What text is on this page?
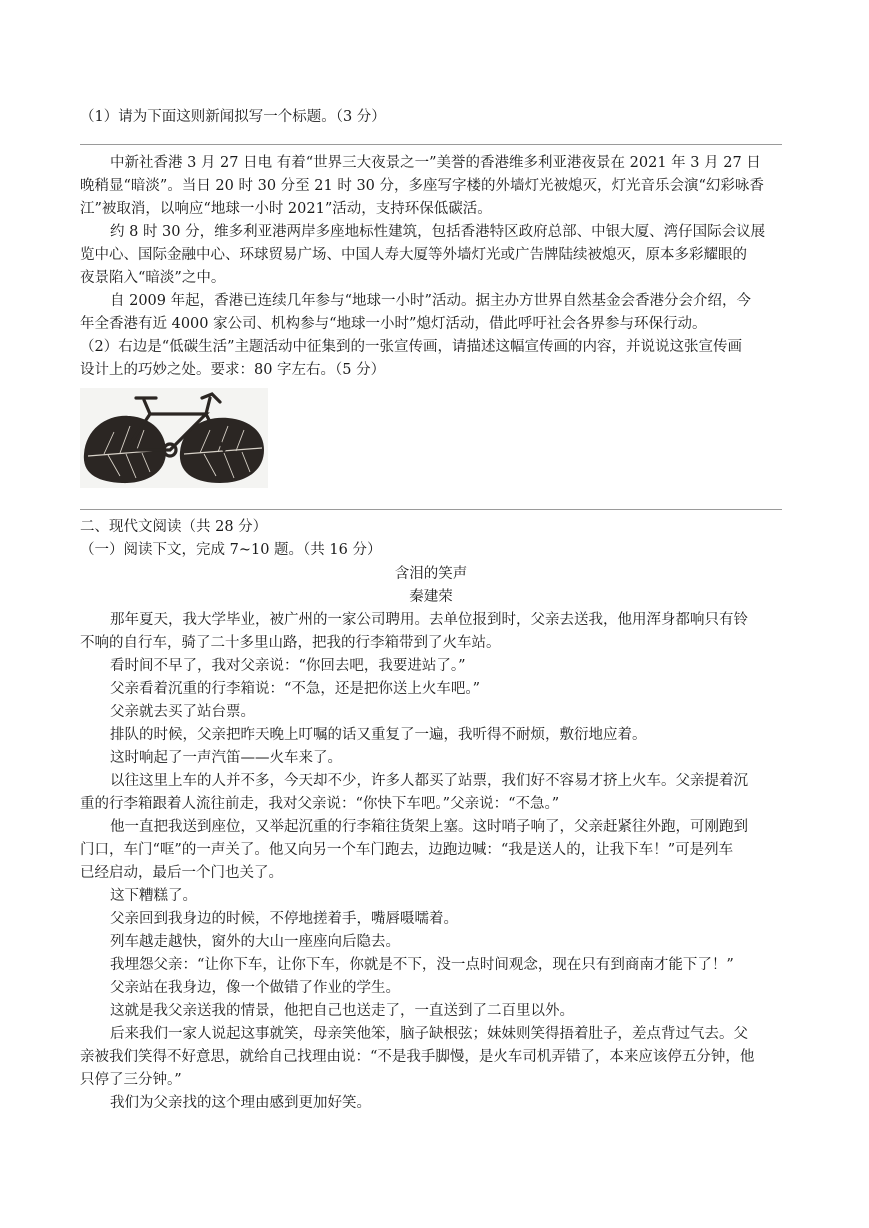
（1）请为下面这则新闻拟写一个标题。（3 分）
中新社香港 3 月 27 日电 有着“世界三大夜景之一”美誉的香港维多利亚港夜景在 2021 年 3 月 27 日
晚稍显“暗淡”。当日 20 时 30 分至 21 时 30 分，多座写字楼的外墙灯光被熄灭，灯光音乐会演“幻彩咏香
江”被取消，以响应“地球一小时 2021”活动，支持环保低碳活。
约 8 时 30 分，维多利亚港两岸多座地标性建筑，包括香港特区政府总部、中银大厦、湾仔国际会议展
览中心、国际金融中心、环球贸易广场、中国人寿大厦等外墙灯光或广告牌陆续被熄灭，原本多彩耀眼的
夜景陷入“暗淡”之中。
自 2009 年起，香港已连续几年参与“地球一小时”活动。据主办方世界自然基金会香港分会介绍，今
年全香港有近 4000 家公司、机构参与“地球一小时”熄灯活动，借此呼吁社会各界参与环保行动。
（2）右边是“低碳生活”主题活动中征集到的一张宣传画，请描述这幅宣传画的内容，并说说这张宣传画
设计上的巧妙之处。要求：80 字左右。（5 分）
二、现代文阅读（共 28 分）
（一）阅读下文，完成 7~10 题。（共 16 分）
含泪的笑声
秦建荣
那年夏天，我大学毕业，被广州的一家公司聘用。去单位报到时，父亲去送我，他用浑身都响只有铃
不响的自行车，骑了二十多里山路，把我的行李箱带到了火车站。
看时间不早了，我对父亲说：“你回去吧，我要进站了。”
父亲看着沉重的行李箱说：“不急，还是把你送上火车吧。”
父亲就去买了站台票。
排队的时候，父亲把昨天晚上叮嘱的话又重复了一遍，我听得不耐烦，敷衍地应着。
这时响起了一声汽笛——火车来了。
以往这里上车的人并不多，今天却不少，许多人都买了站票，我们好不容易才挤上火车。父亲提着沉
重的行李箱跟着人流往前走，我对父亲说：“你快下车吧。”父亲说：“不急。”
他一直把我送到座位，又举起沉重的行李箱往货架上塞。这时哨子响了，父亲赶紧往外跑，可刚跑到
门口，车门“哐”的一声关了。他又向另一个车门跑去，边跑边喊：“我是送人的，让我下车！”可是列车
已经启动，最后一个门也关了。
这下糟糕了。
父亲回到我身边的时候，不停地搓着手，嘴唇嗫嚅着。
列车越走越快，窗外的大山一座座向后隐去。
我埋怨父亲：“让你下车，让你下车，你就是不下，没一点时间观念，现在只有到商南才能下了！”
父亲站在我身边，像一个做错了作业的学生。
这就是我父亲送我的情景，他把自己也送走了，一直送到了二百里以外。
后来我们一家人说起这事就笑，母亲笑他笨，脑子缺根弦；妹妹则笑得捂着肚子，差点背过气去。父
亲被我们笑得不好意思，就给自己找理由说：“不是我手脚慢，是火车司机弄错了，本来应该停五分钟，他
只停了三分钟。”
我们为父亲找的这个理由感到更加好笑。
